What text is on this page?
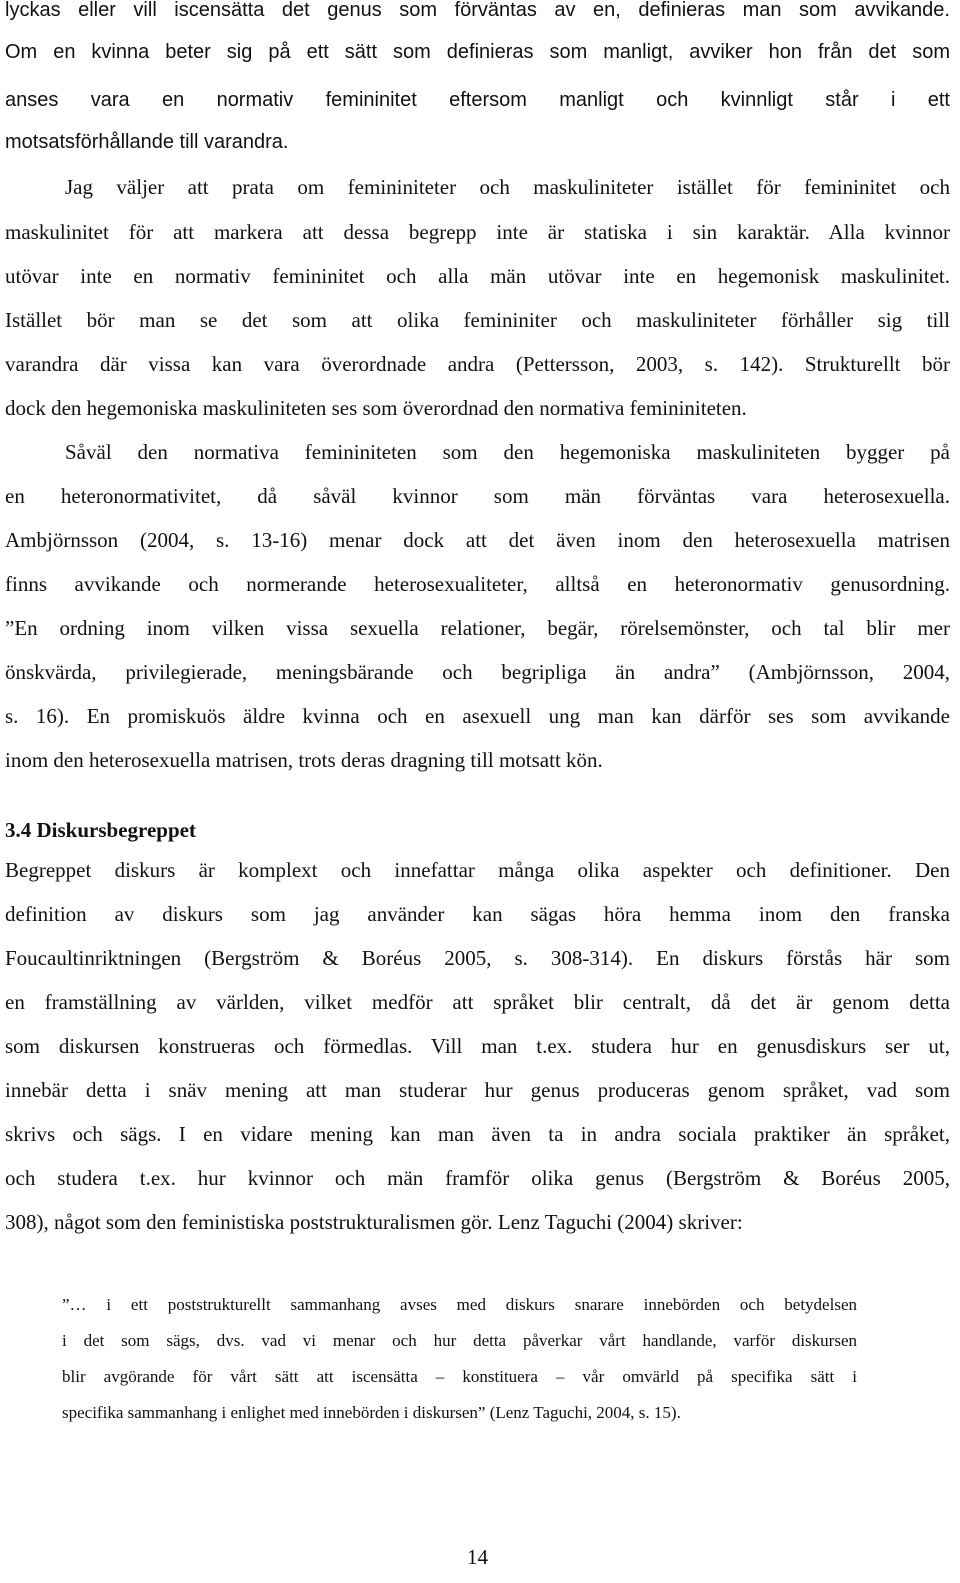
lyckas eller vill iscensätta det genus som förväntas av en, definieras man som avvikande.
Om en kvinna beter sig på ett sätt som definieras som manligt, avviker hon från det som
anses vara en normativ femininitet eftersom manligt och kvinnligt står i ett
motsatsförhållande till varandra.
Jag väljer att prata om femininiteter och maskuliniteter istället för femininitet och
maskulinitet för att markera att dessa begrepp inte är statiska i sin karaktär. Alla kvinnor
utövar inte en normativ femininitet och alla män utövar inte en hegemonisk maskulinitet.
Istället bör man se det som att olika femininiter och maskuliniteter förhåller sig till
varandra där vissa kan vara överordnade andra (Pettersson, 2003, s. 142). Strukturellt bör
dock den hegemoniska maskuliniteten ses som överordnad den normativa femininiteten.
Såväl den normativa femininiteten som den hegemoniska maskuliniteten bygger på
en heteronormativitet, då såväl kvinnor som män förväntas vara heterosexuella.
Ambjörnsson (2004, s. 13-16) menar dock att det även inom den heterosexuella matrisen
finns avvikande och normerande heterosexualiteter, alltså en heteronormativ genusordning.
”En ordning inom vilken vissa sexuella relationer, begär, rörelsemönster, och tal blir mer
önskvärda, privilegierade, meningsbärande och begripliga än andra” (Ambjörnsson, 2004,
s. 16). En promiskuös äldre kvinna och en asexuell ung man kan därför ses som avvikande
inom den heterosexuella matrisen, trots deras dragning till motsatt kön.
3.4 Diskursbegreppet
Begreppet diskurs är komplext och innefattar många olika aspekter och definitioner. Den
definition av diskurs som jag använder kan sägas höra hemma inom den franska
Foucaultinriktningen (Bergström & Boréus 2005, s. 308-314). En diskurs förstås här som
en framställning av världen, vilket medför att språket blir centralt, då det är genom detta
som diskursen konstrueras och förmedlas. Vill man t.ex. studera hur en genusdiskurs ser ut,
innebär detta i snäv mening att man studerar hur genus produceras genom språket, vad som
skrivs och sägs. I en vidare mening kan man även ta in andra sociala praktiker än språket,
och studera t.ex. hur kvinnor och män framför olika genus (Bergström & Boréus 2005,
308), något som den feministiska poststrukturalismen gör. Lenz Taguchi (2004) skriver:
”… i ett poststrukturellt sammanhang avses med diskurs snarare innebörden och betydelsen
i det som sägs, dvs. vad vi menar och hur detta påverkar vårt handlande, varför diskursen
blir avgörande för vårt sätt att iscensätta – konstituera – vår omvärld på specifika sätt i
specifika sammanhang i enlighet med innebörden i diskursen” (Lenz Taguchi, 2004, s. 15).
14
